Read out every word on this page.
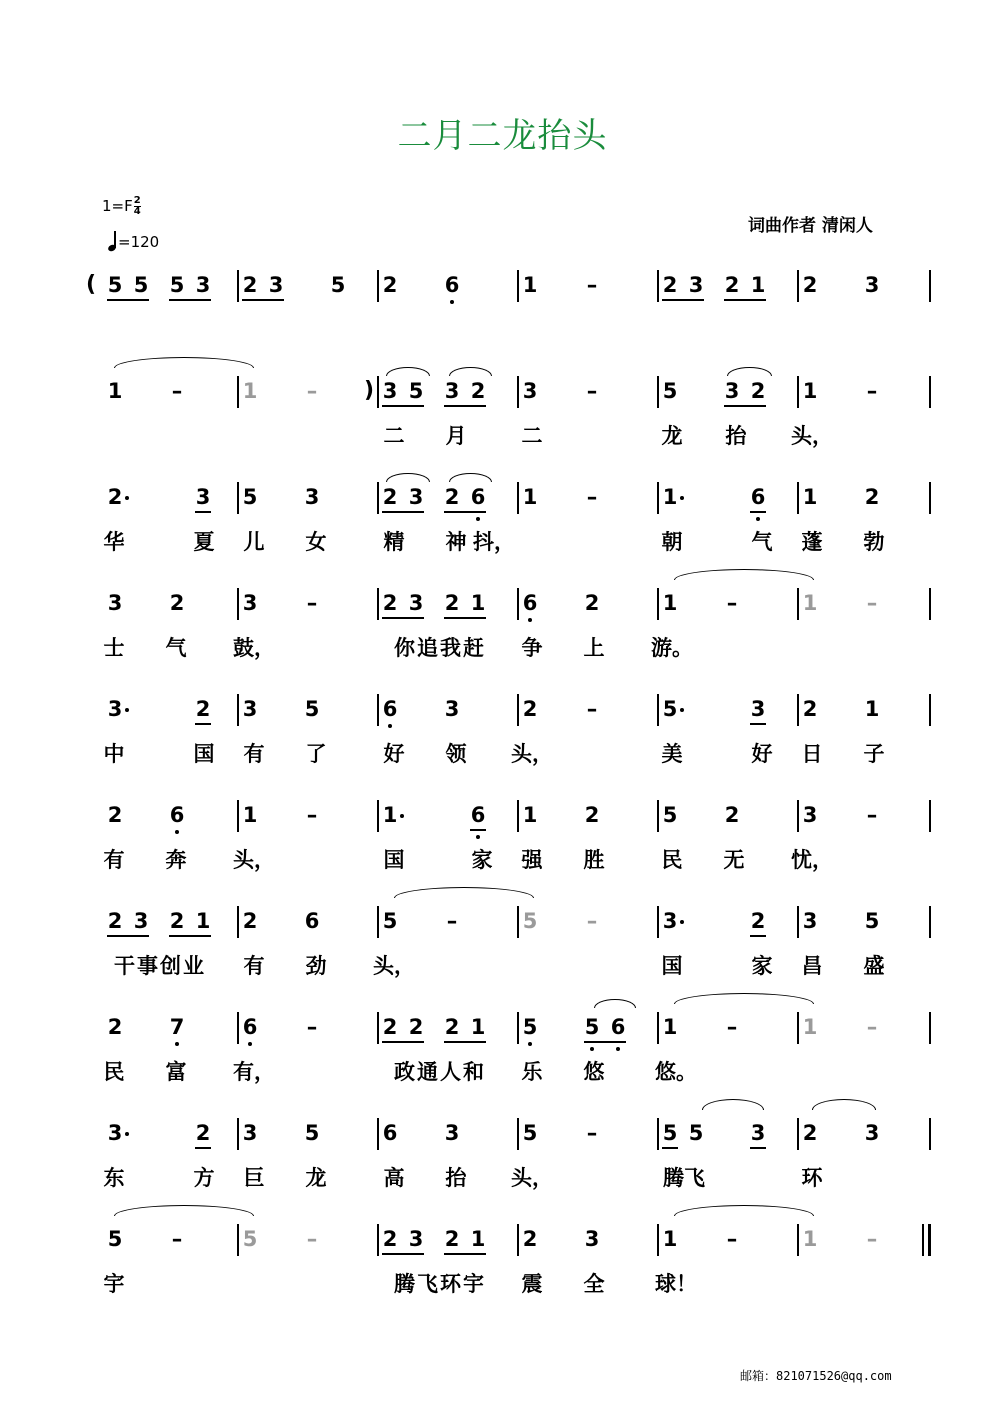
二月二龙抬头
$1=F \frac{2}{4}$
=120
词曲作者 清闲人
( 5 5 5 3 2 3 5 2 6	1 –	2 3 2 1 2 3
1 –	1 – ) 3 5 3 2 3 –	5 3 2 1 –
二 月	二	龙 抬 头，
2	3 5 3	2 3 2 6 1 –	1	6 1 2
华	夏 儿 女	精 神 抖，	朝	气 蓬 勃
3 2	3 –	2 3 2 1 6 2	1 –	1 –
士 气 鼓，	你追我赶 争 上 游。
3	2 3 5	6 3	2 –	5	3 2 1
中	国 有 了	好 领 头，	美	好 日 子
2 6	1 –	1	6 1 2	5 2	3 –
有 奔 头，	国	家 强 胜	民 无 忧，
2 3 2 1 2 6	5 –	5 –	3	2 3 5
干事创业 有 劲 头，	国	家 昌 盛
2 7	6 –	2 2 2 1 5 5 6 1 –	1 –
民 富 有，	政通人和 乐 悠 悠。
3	2 3 5	6 3	5 –	5 5 3 2 3
东	方 巨 龙	高 抬 头，	腾飞	环
5 –	5 –	2 3 2 1 2 3	1 –	1 –
宇	腾飞环宇 震 全 球！
邮箱：821071526@qq.com
